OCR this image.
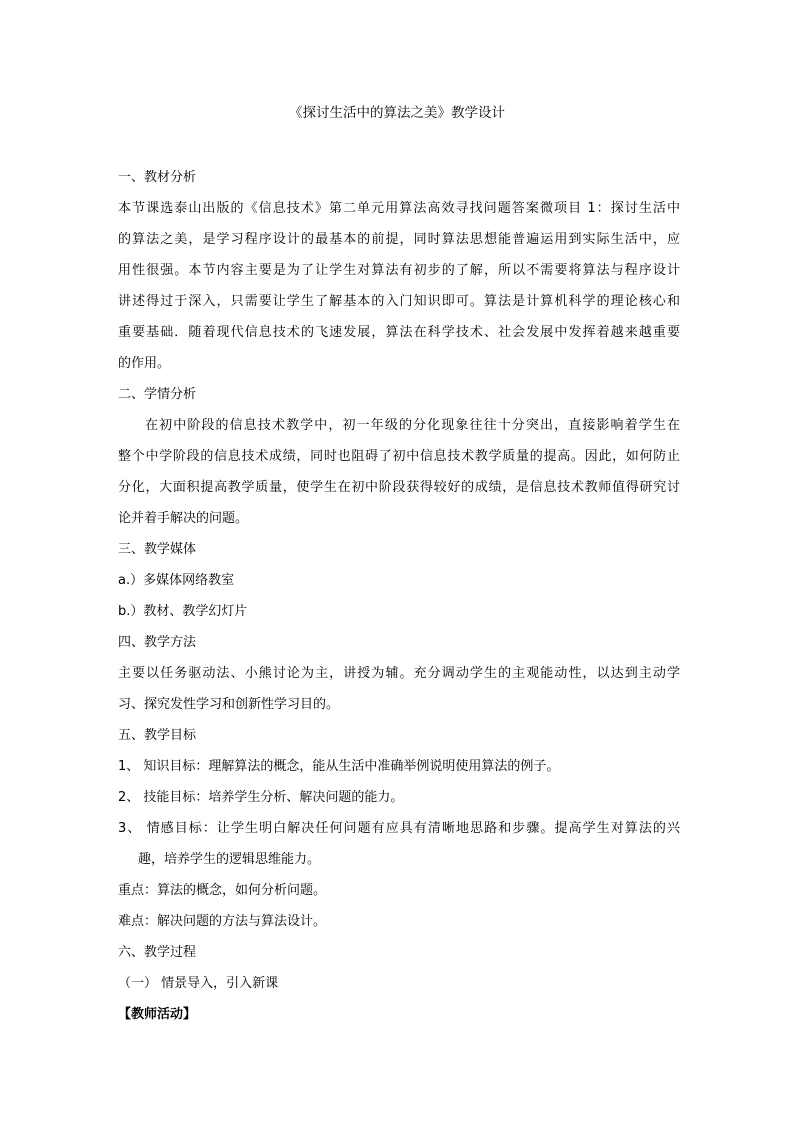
《探讨生活中的算法之美》教学设计
一、教材分析
本节课选泰山出版的《信息技术》第二单元用算法高效寻找问题答案微项目 1：探讨生活中
的算法之美，是学习程序设计的最基本的前提，同时算法思想能普遍运用到实际生活中，应
用性很强。本节内容主要是为了让学生对算法有初步的了解，所以不需要将算法与程序设计
讲述得过于深入，只需要让学生了解基本的入门知识即可。算法是计算机科学的理论核心和
重要基础．随着现代信息技术的飞速发展，算法在科学技术、社会发展中发挥着越来越重要
的作用。
二、学情分析
在初中阶段的信息技术教学中，初一年级的分化现象往往十分突出，直接影响着学生在
整个中学阶段的信息技术成绩，同时也阻碍了初中信息技术教学质量的提高。因此，如何防止
分化，大面积提高教学质量，使学生在初中阶段获得较好的成绩，是信息技术教师值得研究讨
论并着手解决的问题。
三、教学媒体
a.）多媒体网络教室
b.）教材、教学幻灯片
四、教学方法
主要以任务驱动法、小熊讨论为主，讲授为辅。充分调动学生的主观能动性，以达到主动学
习、探究发性学习和创新性学习目的。
五、教学目标
1、 知识目标：理解算法的概念，能从生活中准确举例说明使用算法的例子。
2、 技能目标：培养学生分析、解决问题的能力。
3、 情感目标：让学生明白解决任何问题有应具有清晰地思路和步骤。提高学生对算法的兴
趣，培养学生的逻辑思维能力。
重点：算法的概念，如何分析问题。
难点：解决问题的方法与算法设计。
六、教学过程
（一） 情景导入，引入新课
【教师活动】
